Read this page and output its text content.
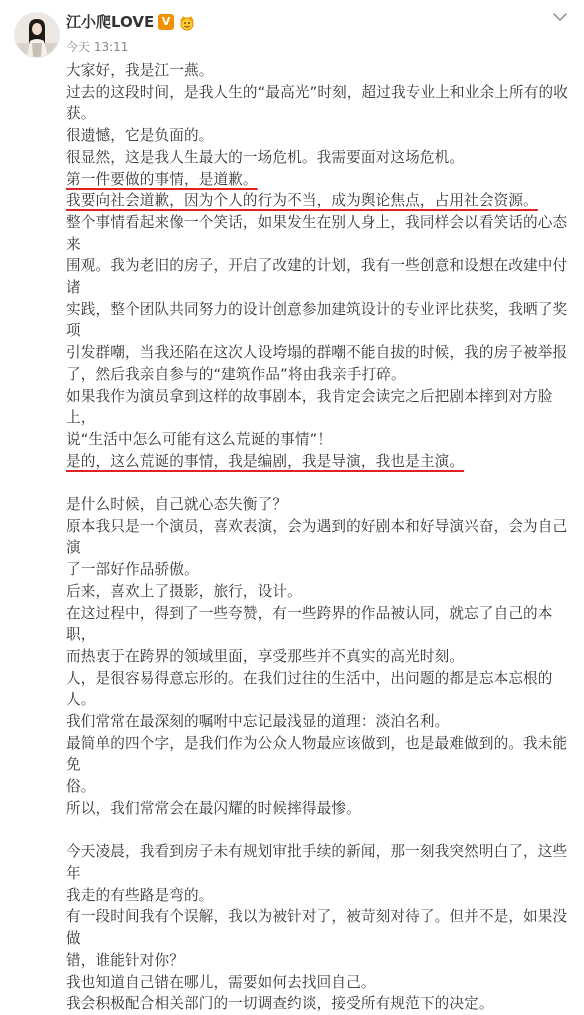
江小爬LOVE V
今天 13:11

大家好，我是江一燕。

过去的这段时间，是我人生的“最高光”时刻，超过我专业上和业余上所有的收获。

很遗憾，它是负面的。

很显然，这是我人生最大的一场危机。我需要面对这场危机。

第一件要做的事情，是道歉。

我要向社会道歉，因为个人的行为不当，成为舆论焦点，占用社会资源。

整个事情看起来像一个笑话，如果发生在别人身上，我同样会以看笑话的心态来
围观。我为老旧的房子，开启了改建的计划，我有一些创意和设想在改建中付诸
实践，整个团队共同努力的设计创意参加建筑设计的专业评比获奖，我晒了奖项
引发群嘲，当我还陷在这次人设垮塌的群嘲不能自拔的时候，我的房子被举报
了，然后我亲自参与的“建筑作品”将由我亲手打碎。

如果我作为演员拿到这样的故事剧本，我肯定会读完之后把剧本摔到对方脸上，
说“生活中怎么可能有这么荒诞的事情”！

是的，这么荒诞的事情，我是编剧，我是导演，我也是主演。

是什么时候，自己就心态失衡了？

原本我只是一个演员，喜欢表演，会为遇到的好剧本和好导演兴奋，会为自己演
了一部好作品骄傲。

后来，喜欢上了摄影，旅行，设计。

在这过程中，得到了一些夸赞，有一些跨界的作品被认同，就忘了自己的本职，
而热衷于在跨界的领域里面，享受那些并不真实的高光时刻。

人，是很容易得意忘形的。在我们过往的生活中，出问题的都是忘本忘根的人。

我们常常在最深刻的嘱咐中忘记最浅显的道理：淡泊名利。

最简单的四个字，是我们作为公众人物最应该做到，也是最难做到的。我未能免
俗。

所以，我们常常会在最闪耀的时候摔得最惨。

今天凌晨，我看到房子未有规划审批手续的新闻，那一刻我突然明白了，这些年
我走的有些路是弯的。

有一段时间我有个误解，我以为被针对了，被苛刻对待了。但并不是，如果没做
错，谁能针对你？

我也知道自己错在哪儿，需要如何去找回自己。

我会积极配合相关部门的一切调查约谈，接受所有规范下的决定。
